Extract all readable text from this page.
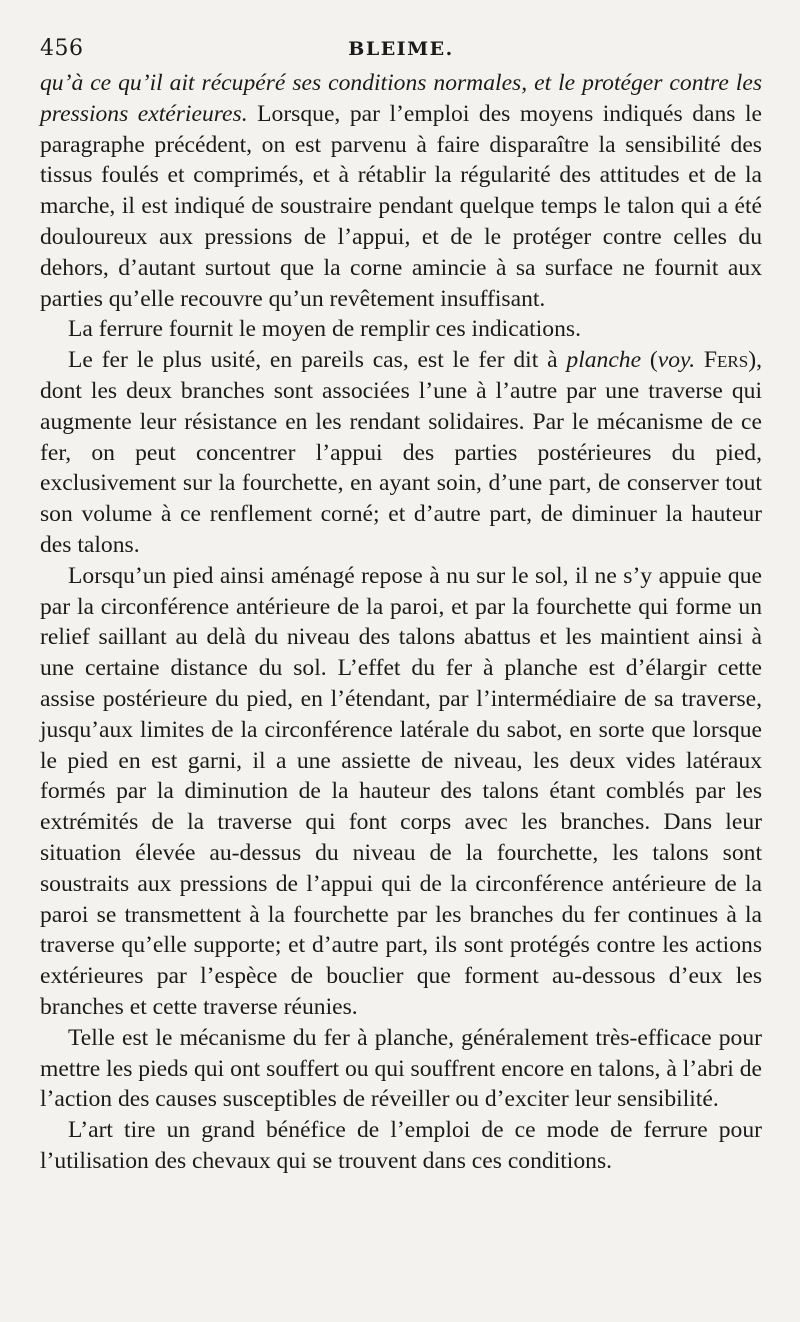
456	BLEIME.

qu’à ce qu’il ait récupéré ses conditions normales, et le protéger contre les pressions extérieures. Lorsque, par l’emploi des moyens indiqués dans le paragraphe précédent, on est parvenu à faire disparaître la sensibilité des tissus foulés et comprimés, et à rétablir la régularité des attitudes et de la marche, il est indiqué de soustraire pendant quelque temps le talon qui a été douloureux aux pressions de l’appui, et de le protéger contre celles du dehors, d’autant surtout que la corne amincie à sa surface ne fournit aux parties qu’elle recouvre qu’un revêtement insuffisant.

La ferrure fournit le moyen de remplir ces indications.

Le fer le plus usité, en pareils cas, est le fer dit à planche (voy. Fers), dont les deux branches sont associées l’une à l’autre par une traverse qui augmente leur résistance en les rendant solidaires. Par le mécanisme de ce fer, on peut concentrer l’appui des parties postérieures du pied, exclusivement sur la fourchette, en ayant soin, d’une part, de conserver tout son volume à ce renflement corné; et d’autre part, de diminuer la hauteur des talons.

Lorsqu’un pied ainsi aménagé repose à nu sur le sol, il ne s’y appuie que par la circonférence antérieure de la paroi, et par la fourchette qui forme un relief saillant au delà du niveau des talons abattus et les maintient ainsi à une certaine distance du sol. L’effet du fer à planche est d’élargir cette assise postérieure du pied, en l’étendant, par l’intermédiaire de sa traverse, jusqu’aux limites de la circonférence latérale du sabot, en sorte que lorsque le pied en est garni, il a une assiette de niveau, les deux vides latéraux formés par la diminution de la hauteur des talons étant comblés par les extrémités de la traverse qui font corps avec les branches. Dans leur situation élevée au-dessus du niveau de la fourchette, les talons sont soustraits aux pressions de l’appui qui de la circonférence antérieure de la paroi se transmettent à la fourchette par les branches du fer continues à la traverse qu’elle supporte; et d’autre part, ils sont protégés contre les actions extérieures par l’espèce de bouclier que forment au-dessous d’eux les branches et cette traverse réunies.

Telle est le mécanisme du fer à planche, généralement très-efficace pour mettre les pieds qui ont souffert ou qui souffrent encore en talons, à l’abri de l’action des causes susceptibles de réveiller ou d’exciter leur sensibilité.

L’art tire un grand bénéfice de l’emploi de ce mode de ferrure pour l’utilisation des chevaux qui se trouvent dans ces conditions.
